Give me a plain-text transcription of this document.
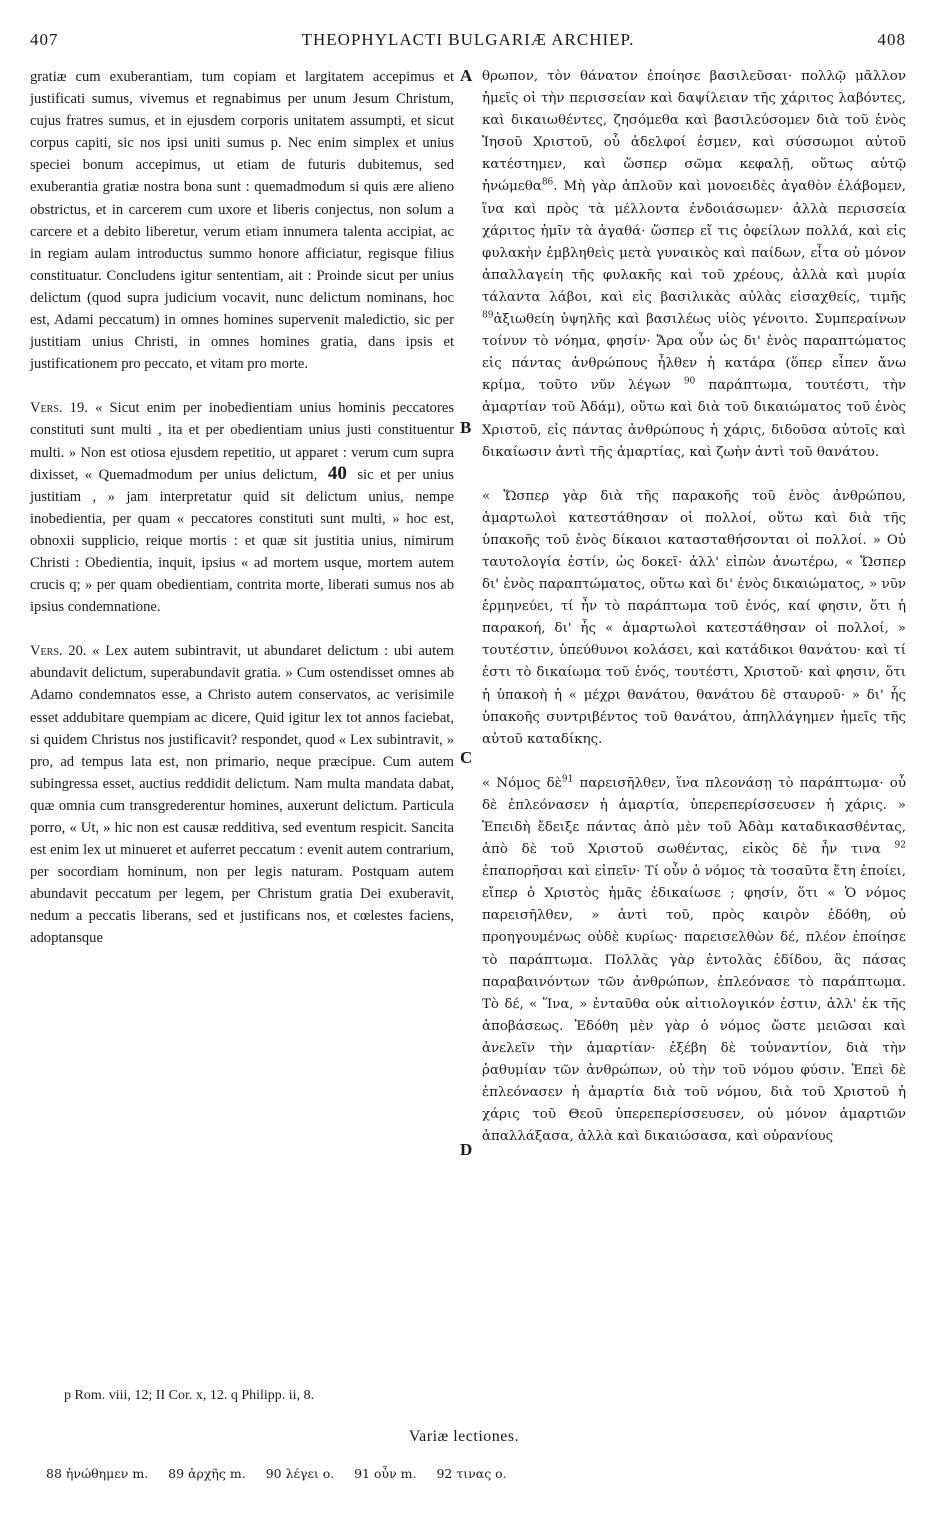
407	THEOPHYLACTI BULGARIÆ ARCHIEP.	408

gratiæ cum exuberantiam, tum copiam et largitatem accepimus et justificati sumus, vivemus et regnabimus per unum Jesum Christum, cujus fratres sumus, et in ejusdem corporis unitatem assumpti, et sicut corpus capiti, sic nos ipsi uniti sumus p. Nec enim simplex et unius speciei bonum accepimus, ut etiam de futuris dubitemus, sed exuberantia gratiæ nostra bona sunt : quemadmodum si quis ære alieno obstrictus, et in carcerem cum uxore et liberis conjectus, non solum a carcere et a debito liberetur, verum etiam innumera talenta accipiat, ac in regiam aulam introductus summo honore afficiatur, regisque filius constituatur. Concludens igitur sententiam, ait : Proinde sicut per unius delictum (quod supra judicium vocavit, nunc delictum nominans, hoc est, Adami peccatum) in omnes homines supervenit maledictio, sic per justitiam unius Christi, in omnes homines gratia, dans ipsis et justificationem pro peccato, et vitam pro morte.

Vers. 19. « Sicut enim per inobedientiam unius hominis peccatores constituti sunt multi , ita et per obedientiam unius justi constituentur multi. » Non est otiosa ejusdem repetitio, ut apparet : verum cum supra dixisset, « Quemadmodum per unius delictum, 40 sic et per unius justitiam , » jam interpretatur quid sit delictum unius, nempe inobedientia, per quam « peccatores constituti sunt multi, » hoc est, obnoxii supplicio, reique mortis : et quæ sit justitia unius, nimirum Christi : Obedientia, inquit, ipsius « ad mortem usque, mortem autem crucis q; » per quam obedientiam, contrita morte, liberati sumus nos ab ipsius condemnatione.

Vers. 20. « Lex autem subintravit, ut abundaret delictum : ubi autem abundavit delictum, superabundavit gratia. » Cum ostendisset omnes ab Adamo condemnatos esse, a Christo autem conservatos, ac verisimile esset addubitare quempiam ac dicere, Quid igitur lex tot annos faciebat, si quidem Christus nos justificavit? respondet, quod « Lex subintravit, » pro, ad tempus lata est, non primario, neque præcipue. Cum autem subingressa esset, auctius reddidit delictum. Nam multa mandata dabat, quæ omnia cum transgrederentur homines, auxerunt delictum. Particula porro, « Ut, » hic non est causæ redditiva, sed eventum respicit. Sancita est enim lex ut minueret et auferret peccatum : evenit autem contrarium, per socordiam hominum, non per legis naturam. Postquam autem abundavit peccatum per legem, per Christum gratia Dei exuberavit, nedum a peccatis liberans, sed et justificans nos, et cœlestes faciens, adoptansque

A
B
C
D

θρωπον, τὸν θάνατον ἐποίησε βασιλεῦσαι· πολλῷ μᾶλλον ἡμεῖς οἱ τὴν περισσείαν καὶ δαψίλειαν τῆς χάριτος λαβόντες, καὶ δικαιωθέντες, ζησόμεθα καὶ βασιλεύσομεν διὰ τοῦ ἑνὸς Ἰησοῦ Χριστοῦ, οὗ ἀδελφοί ἐσμεν, καὶ σύσσωμοι αὐτοῦ κατέστημεν, καὶ ὥσπερ σῶμα κεφαλῇ, οὕτως αὐτῷ ἡνώμεθα$^{86}$. Μὴ γὰρ ἁπλοῦν καὶ μονοειδὲς ἀγαθὸν ἐλάβομεν, ἵνα καὶ πρὸς τὰ μέλλοντα ἐνδοιάσωμεν· ἀλλὰ περισσεία χάριτος ἡμῖν τὰ ἀγαθά· ὥσπερ εἴ τις ὀφείλων πολλά, καὶ εἰς φυλακὴν ἐμβληθεὶς μετὰ γυναικὸς καὶ παίδων, εἶτα οὐ μόνον ἀπαλλαγείη τῆς φυλακῆς καὶ τοῦ χρέους, ἀλλὰ καὶ μυρία τάλαντα λάβοι, καὶ εἰς βασιλικὰς αὐλὰς εἰσαχθείς, τιμῆς $^{89}$ἀξιωθείη ὑψηλῆς καὶ βασιλέως υἱὸς γένοιτο. Συμπεραίνων τοίνυν τὸ νόημα, φησίν· Ἄρα οὖν ὡς δι' ἑνὸς παραπτώματος εἰς πάντας ἀνθρώπους ἦλθεν ἡ κατάρα (ὅπερ εἶπεν ἄνω κρίμα, τοῦτο νῦν λέγων $^{90}$ παράπτωμα, τουτέστι, τὴν ἁμαρτίαν τοῦ Ἀδάμ), οὕτω καὶ διὰ τοῦ δικαιώματος τοῦ ἑνὸς Χριστοῦ, εἰς πάντας ἀνθρώπους ἡ χάρις, διδοῦσα αὐτοῖς καὶ δικαίωσιν ἀντὶ τῆς ἁμαρτίας, καὶ ζωὴν ἀντὶ τοῦ θανάτου.

« Ὥσπερ γὰρ διὰ τῆς παρακοῆς τοῦ ἑνὸς ἀνθρώπου, ἁμαρτωλοὶ κατεστάθησαν οἱ πολλοί, οὕτω καὶ διὰ τῆς ὑπακοῆς τοῦ ἑνὸς δίκαιοι κατασταθήσονται οἱ πολλοί. » Οὐ ταυτολογία ἐστίν, ὡς δοκεῖ· ἀλλ' εἰπὼν ἀνωτέρω, « Ὥσπερ δι' ἑνὸς παραπτώματος, οὕτω καὶ δι' ἑνὸς δικαιώματος, » νῦν ἑρμηνεύει, τί ἦν τὸ παράπτωμα τοῦ ἑνός, καί φησιν, ὅτι ἡ παρακοή, δι' ἧς « ἁμαρτωλοὶ κατεστάθησαν οἱ πολλοί, » τουτέστιν, ὑπεύθυνοι κολάσει, καὶ κατάδικοι θανάτου· καὶ τί ἐστι τὸ δικαίωμα τοῦ ἑνός, τουτέστι, Χριστοῦ· καὶ φησιν, ὅτι ἡ ὑπακοὴ ἡ « μέχρι θανάτου, θανάτου δὲ σταυροῦ· » δι' ἧς ὑπακοῆς συντριβέντος τοῦ θανάτου, ἀπηλλάγημεν ἡμεῖς τῆς αὐτοῦ καταδίκης.

« Νόμος δὲ$^{91}$ παρεισῆλθεν, ἵνα πλεονάσῃ τὸ παράπτωμα· οὗ δὲ ἐπλεόνασεν ἡ ἁμαρτία, ὑπερεπερίσσευσεν ἡ χάρις. » Ἐπειδὴ ἔδειξε πάντας ἀπὸ μὲν τοῦ Ἀδὰμ καταδικασθέντας, ἀπὸ δὲ τοῦ Χριστοῦ σωθέντας, εἰκὸς δὲ ἦν τινα $^{92}$ ἐπαπορῆσαι καὶ εἰπεῖν· Τί οὖν ὁ νόμος τὰ τοσαῦτα ἔτη ἐποίει, εἴπερ ὁ Χριστὸς ἡμᾶς ἐδικαίωσε ; φησίν, ὅτι « Ὁ νόμος παρεισῆλθεν, » ἀντὶ τοῦ, πρὸς καιρὸν ἐδόθη, οὐ προηγουμένως οὐδὲ κυρίως· παρεισελθὼν δέ, πλέον ἐποίησε τὸ παράπτωμα. Πολλὰς γὰρ ἐντολὰς ἐδίδου, ἃς πάσας παραβαινόντων τῶν ἀνθρώπων, ἐπλεόνασε τὸ παράπτωμα. Τὸ δέ, « Ἵνα, » ἐνταῦθα οὐκ αἰτιολογικόν ἐστιν, ἀλλ' ἐκ τῆς ἀποβάσεως. Ἐδόθη μὲν γὰρ ὁ νόμος ὥστε μειῶσαι καὶ ἀνελεῖν τὴν ἁμαρτίαν· ἐξέβη δὲ τοὐναντίον, διὰ τὴν ῥαθυμίαν τῶν ἀνθρώπων, οὐ τὴν τοῦ νόμου φύσιν. Ἐπεὶ δὲ ἐπλεόνασεν ἡ ἁμαρτία διὰ τοῦ νόμου, διὰ τοῦ Χριστοῦ ἡ χάρις τοῦ Θεοῦ ὑπερεπερίσσευσεν, οὐ μόνον ἁμαρτιῶν ἀπαλλάξασα, ἀλλὰ καὶ δικαιώσασα, καὶ οὐρανίους

p Rom. viii, 12; II Cor. x, 12. q Philipp. ii, 8.
Variæ lectiones.
88 ἡνώθημεν m. 89 ἀρχῆς m. 90 λέγει o. 91 οὖν m. 92 τινας o.
